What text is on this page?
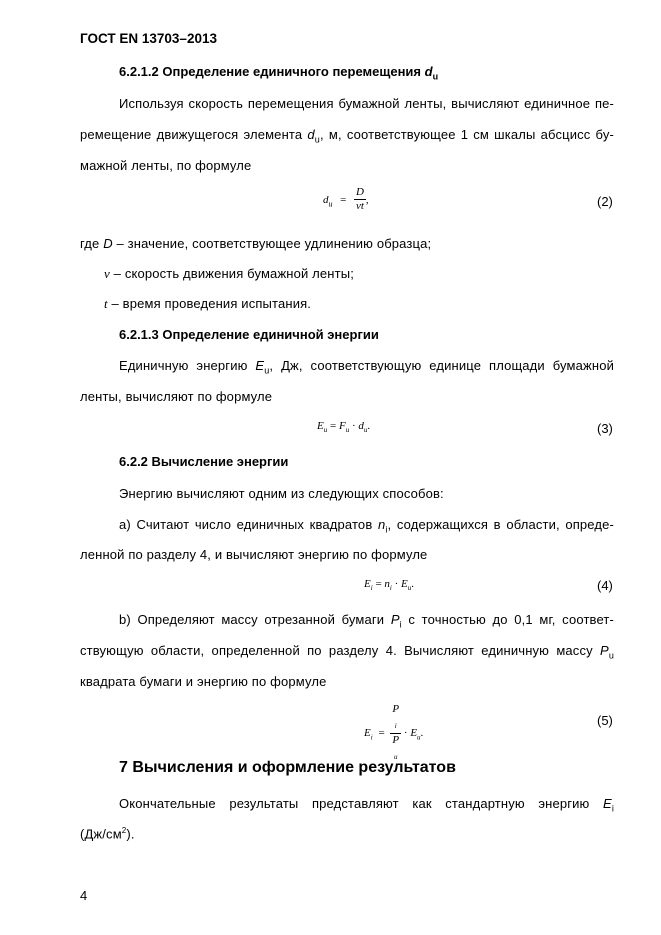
ГОСТ EN 13703–2013
6.2.1.2 Определение единичного перемещения $d_u$
Используя скорость перемещения бумажной ленты, вычисляют единичное пе-
ремещение движущегося элемента $d_u$, м, соответствующее 1 см шкалы абсцисс бу-
мажной ленты, по формуле
$d_u = \frac{D}{vt}$ ,	(2)
где D – значение, соответствующее удлинению образца;
v – скорость движения бумажной ленты;
t – время проведения испытания.
6.2.1.3 Определение единичной энергии
Единичную энергию $E_u$, Дж, соответствующую единице площади бумажной
ленты, вычисляют по формуле
$E_u = F_u \cdot d_u$.	(3)
6.2.2 Вычисление энергии
Энергию вычисляют одним из следующих способов:
а) Считают число единичных квадратов $n_i$, содержащихся в области, опреде-
ленной по разделу 4, и вычисляют энергию по формуле
$E_i = n_i \cdot E_u$.	(4)
b) Определяют массу отрезанной бумаги $P_i$ с точностью до 0,1 мг, соответ-
ствующую области, определенной по разделу 4. Вычисляют единичную массу $P_u$
квадрата бумаги и энергию по формуле
$E_i = P$
$_i$
P
$_u \cdot E_u$.
(5)
7 Вычисления и оформление результатов
Окончательные результаты представляют как стандартную энергию $E_i$
$(Дж/см^2)$.
4
